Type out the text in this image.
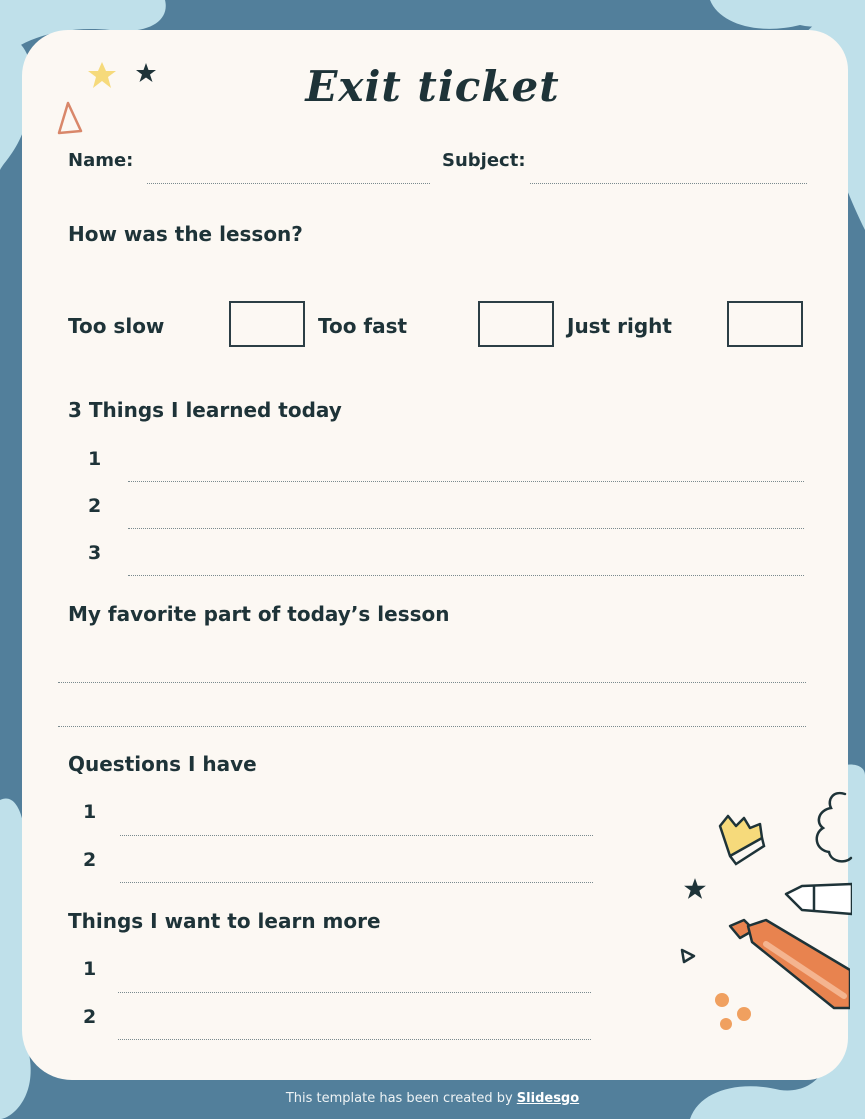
Exit ticket
Name:	Subject:
How was the lesson?
Too slow	Too fast	Just right
3 Things I learned today
1
2
3
My favorite part of today’s lesson
Questions I have
1
2
Things I want to learn more
1
2
This template has been created by Slidesgo
